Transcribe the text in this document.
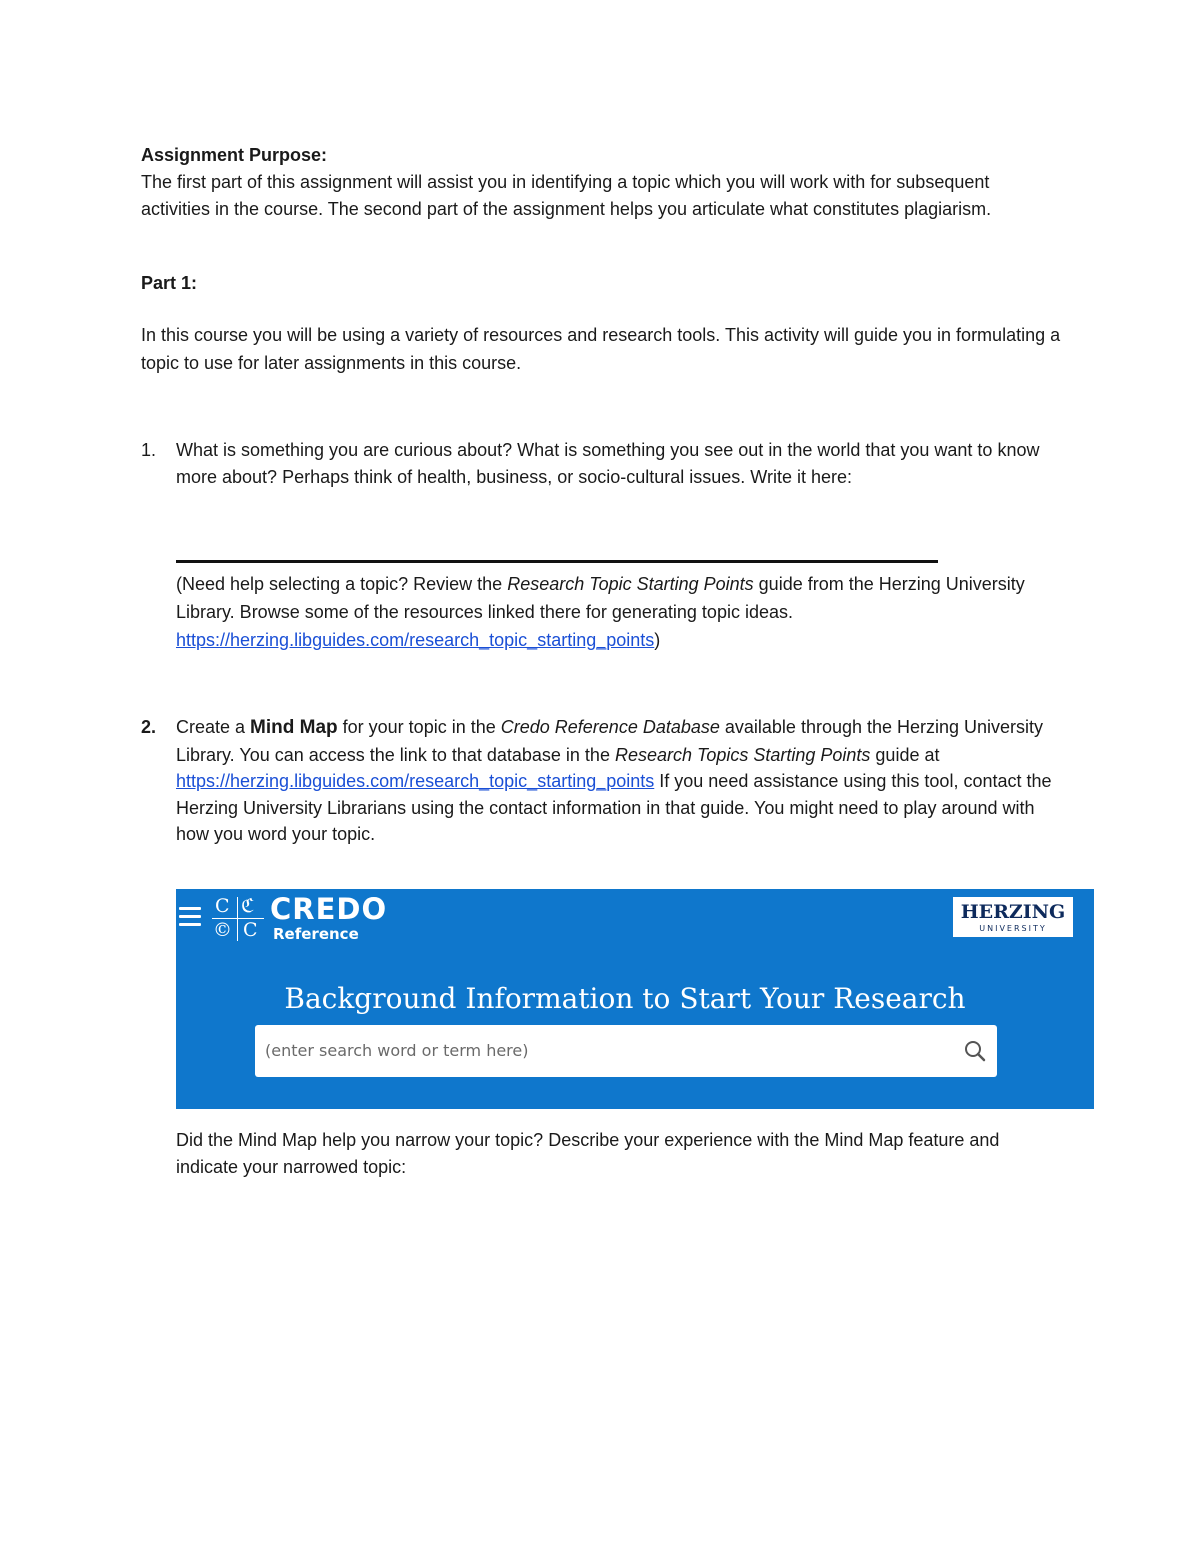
Assignment Purpose:

The first part of this assignment will assist you in identifying a topic which you will work with for subsequent activities in the course. The second part of the assignment helps you articulate what constitutes plagiarism.

Part 1:

In this course you will be using a variety of resources and research tools. This activity will guide you in formulating a topic to use for later assignments in this course.

1. What is something you are curious about? What is something you see out in the world that you want to know more about? Perhaps think of health, business, or socio-cultural issues. Write it here:
(Need help selecting a topic? Review the Research Topic Starting Points guide from the Herzing University Library. Browse some of the resources linked there for generating topic ideas. https://herzing.libguides.com/research_topic_starting_points)
2. Create a Mind Map for your topic in the Credo Reference Database available through the Herzing University Library. You can access the link to that database in the Research Topics Starting Points guide at https://herzing.libguides.com/research_topic_starting_points If you need assistance using this tool, contact the Herzing University Librarians using the contact information in that guide. You might need to play around with how you word your topic.
C ℭ
© C
CREDO
Reference
HERZING
UNIVERSITY
Background Information to Start Your Research
(enter search word or term here)
Did the Mind Map help you narrow your topic? Describe your experience with the Mind Map feature and indicate your narrowed topic:
